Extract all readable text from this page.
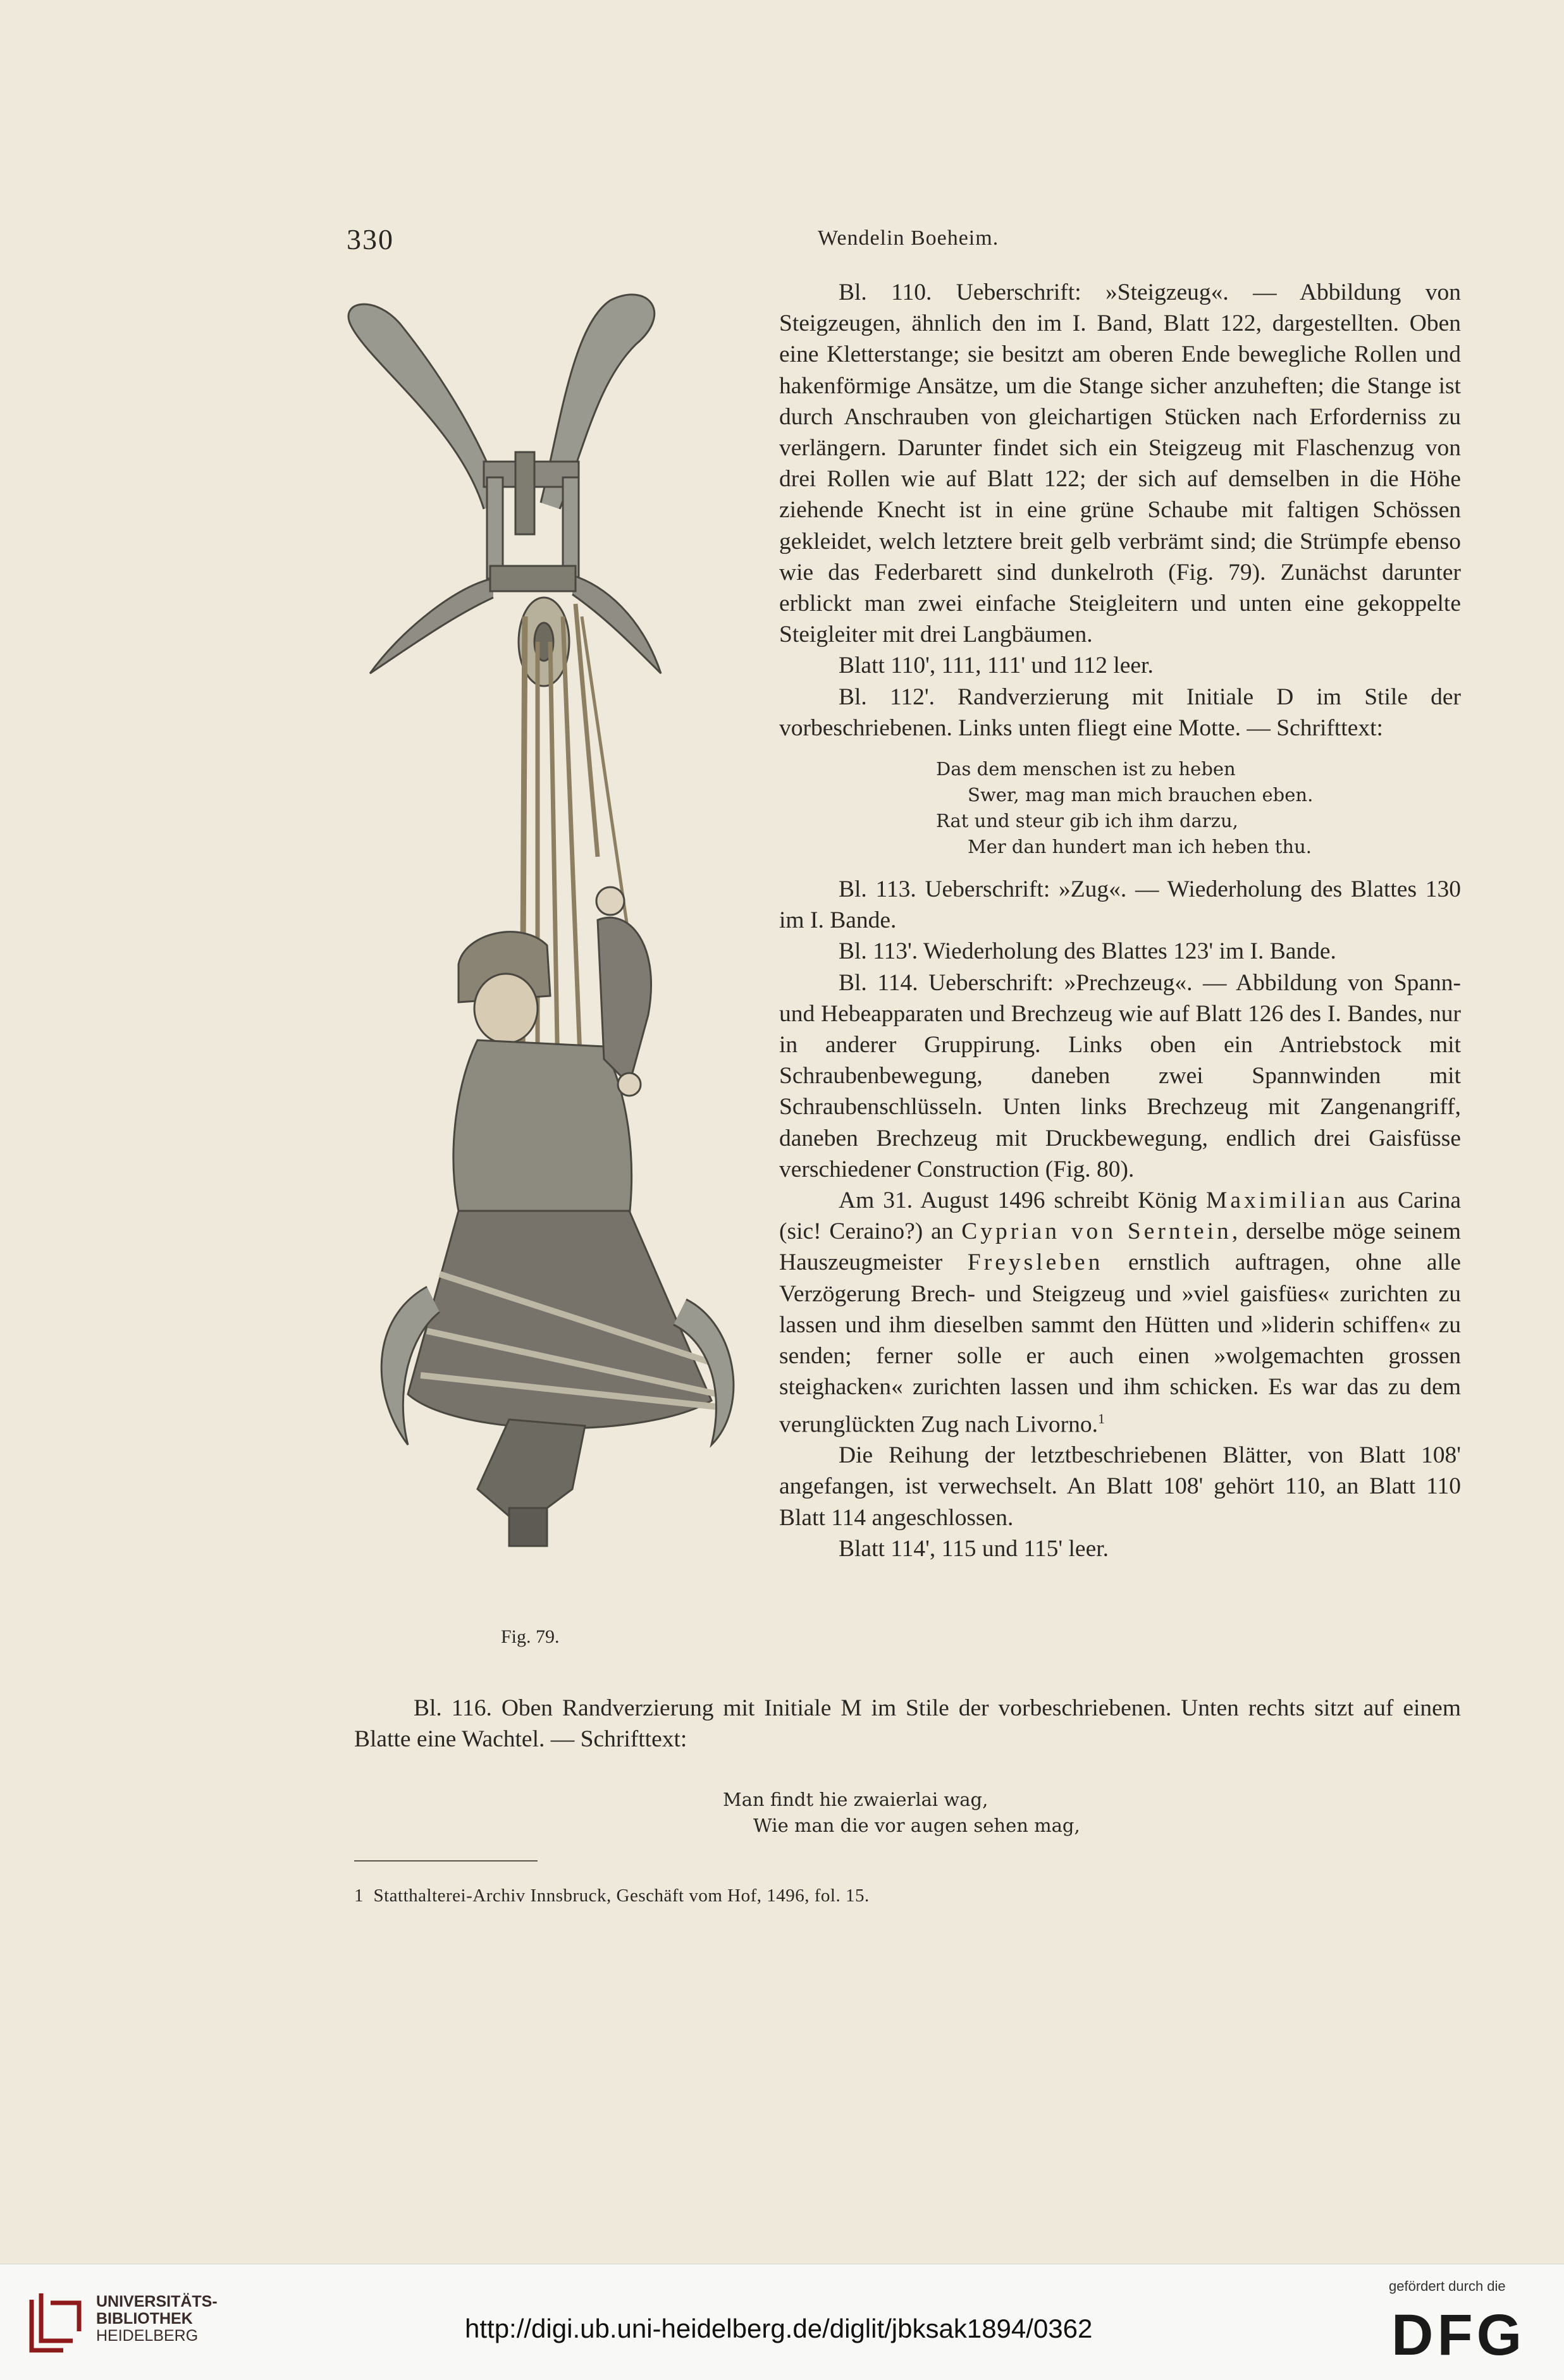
330	Wendelin Boeheim.
Fig. 79.

Bl. 110. Ueberschrift: »Steigzeug«. — Abbildung von Steigzeugen, ähnlich den im I. Band, Blatt 122, dargestellten. Oben eine Kletterstange; sie besitzt am oberen Ende bewegliche Rollen und hakenförmige Ansätze, um die Stange sicher anzuheften; die Stange ist durch Anschrauben von gleichartigen Stücken nach Erforderniss zu verlängern. Darunter findet sich ein Steigzeug mit Flaschenzug von drei Rollen wie auf Blatt 122; der sich auf demselben in die Höhe ziehende Knecht ist in eine grüne Schaube mit faltigen Schössen gekleidet, welch letztere breit gelb verbrämt sind; die Strümpfe ebenso wie das Federbarett sind dunkelroth (Fig. 79). Zunächst darunter erblickt man zwei einfache Steigleitern und unten eine gekoppelte Steigleiter mit drei Langbäumen.

Blatt 110', 111, 111' und 112 leer.

Bl. 112'. Randverzierung mit Initiale D im Stile der vorbeschriebenen. Links unten fliegt eine Motte. — Schrifttext:

Das dem menschen ist zu heben
Swer, mag man mich brauchen eben.
Rat und steur gib ich ihm darzu,
Mer dan hundert man ich heben thu.

Bl. 113. Ueberschrift: »Zug«. — Wiederholung des Blattes 130 im I. Bande.

Bl. 113'. Wiederholung des Blattes 123' im I. Bande.

Bl. 114. Ueberschrift: »Prechzeug«. — Abbildung von Spann- und Hebeapparaten und Brechzeug wie auf Blatt 126 des I. Bandes, nur in anderer Gruppirung. Links oben ein Antriebstock mit Schraubenbewegung, daneben zwei Spannwinden mit Schraubenschlüsseln. Unten links Brechzeug mit Zangenangriff, daneben Brechzeug mit Druckbewegung, endlich drei Gaisfüsse verschiedener Construction (Fig. 80).

Am 31. August 1496 schreibt König Maximilian aus Carina (sic! Ceraino?) an Cyprian von Serntein, derselbe möge seinem Hauszeugmeister Freysleben ernstlich auftragen, ohne alle Verzögerung Brech- und Steigzeug und »viel gaisfües« zurichten zu lassen und ihm dieselben sammt den Hütten und »liderin schiffen« zu senden; ferner solle er auch einen »wolgemachten grossen steighacken« zurichten lassen und ihm schicken. Es war das zu dem verunglückten Zug nach Livorno.$^1$

Die Reihung der letztbeschriebenen Blätter, von Blatt 108' angefangen, ist verwechselt. An Blatt 108' gehört 110, an Blatt 110 Blatt 114 angeschlossen.

Blatt 114', 115 und 115' leer.

Bl. 116. Oben Randverzierung mit Initiale M im Stile der vorbeschriebenen. Unten rechts sitzt auf einem Blatte eine Wachtel. — Schrifttext:

Man findt hie zwaierlai wag,
Wie man die vor augen sehen mag,
1 Statthalterei-Archiv Innsbruck, Geschäft vom Hof, 1496, fol. 15.
UNIVERSITÄTS-
BIBLIOTHEK
HEIDELBERG	http://digi.ub.uni-heidelberg.de/diglit/jbksak1894/0362
gefördert durch die
DFG
